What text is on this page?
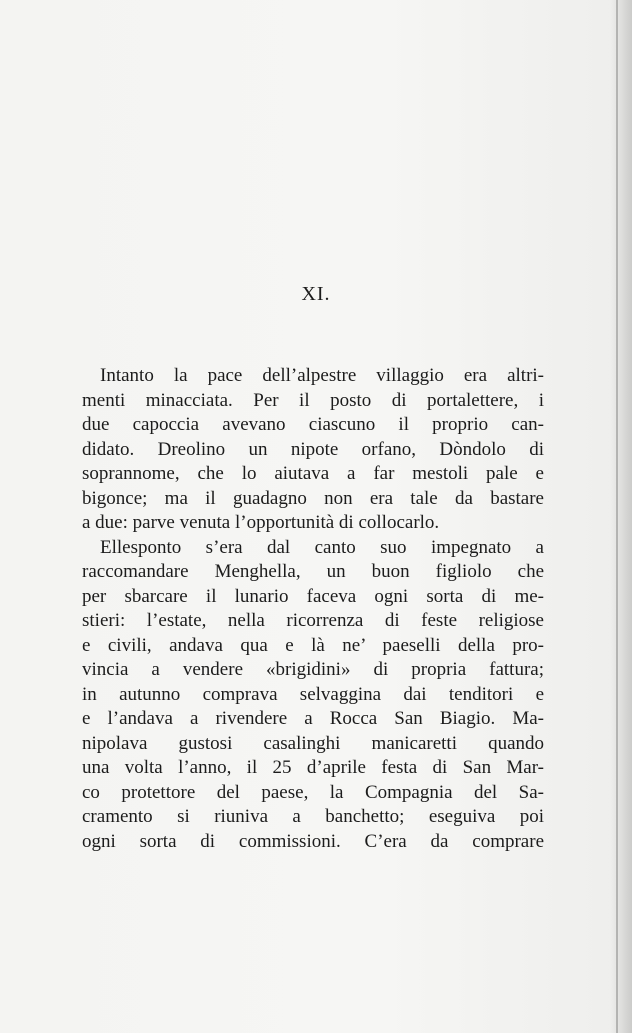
XI.
Intanto la pace dell’alpestre villaggio era altri-
menti minacciata. Per il posto di portalettere, i
due capoccia avevano ciascuno il proprio can-
didato. Dreolino un nipote orfano, Dòndolo di
soprannome, che lo aiutava a far mestoli pale e
bigonce; ma il guadagno non era tale da bastare
a due: parve venuta l’opportunità di collocarlo.
Ellesponto s’era dal canto suo impegnato a
raccomandare Menghella, un buon figliolo che
per sbarcare il lunario faceva ogni sorta di me-
stieri: l’estate, nella ricorrenza di feste religiose
e civili, andava qua e là ne’ paeselli della pro-
vincia a vendere «brigidini» di propria fattura;
in autunno comprava selvaggina dai tenditori e
e l’andava a rivendere a Rocca San Biagio. Ma-
nipolava gustosi casalinghi manicaretti quando
una volta l’anno, il 25 d’aprile festa di San Mar-
co protettore del paese, la Compagnia del Sa-
cramento si riuniva a banchetto; eseguiva poi
ogni sorta di commissioni. C’era da comprare
